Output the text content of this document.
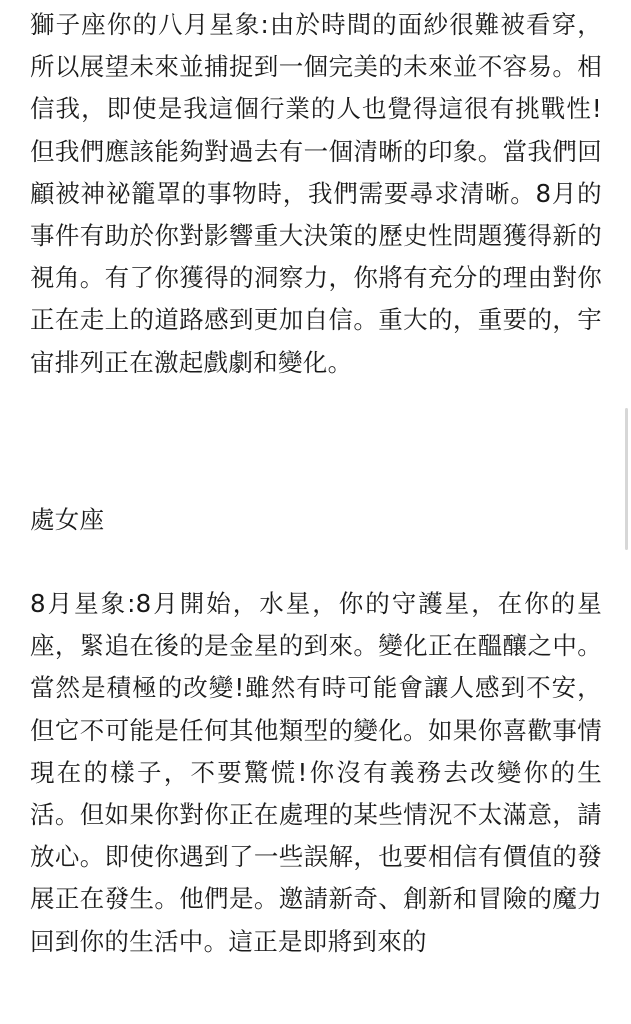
獅子座你的八月星象:由於時間的面紗很難被看穿，所以展望未來並捕捉到一個完美的未來並不容易。相信我，即使是我這個行業的人也覺得這很有挑戰性!但我們應該能夠對過去有一個清晰的印象。當我們回顧被神祕籠罩的事物時，我們需要尋求清晰。8月的事件有助於你對影響重大決策的歷史性問題獲得新的視角。有了你獲得的洞察力，你將有充分的理由對你正在走上的道路感到更加自信。重大的，重要的，宇宙排列正在激起戲劇和變化。

處女座

8月星象:8月開始，水星，你的守護星，在你的星座，緊追在後的是金星的到來。變化正在醞釀之中。當然是積極的改變!雖然有時可能會讓人感到不安，但它不可能是任何其他類型的變化。如果你喜歡事情現在的樣子，不要驚慌!你沒有義務去改變你的生活。但如果你對你正在處理的某些情況不太滿意，請放心。即使你遇到了一些誤解，也要相信有價值的發展正在發生。他們是。邀請新奇、創新和冒險的魔力回到你的生活中。這正是即將到來的
